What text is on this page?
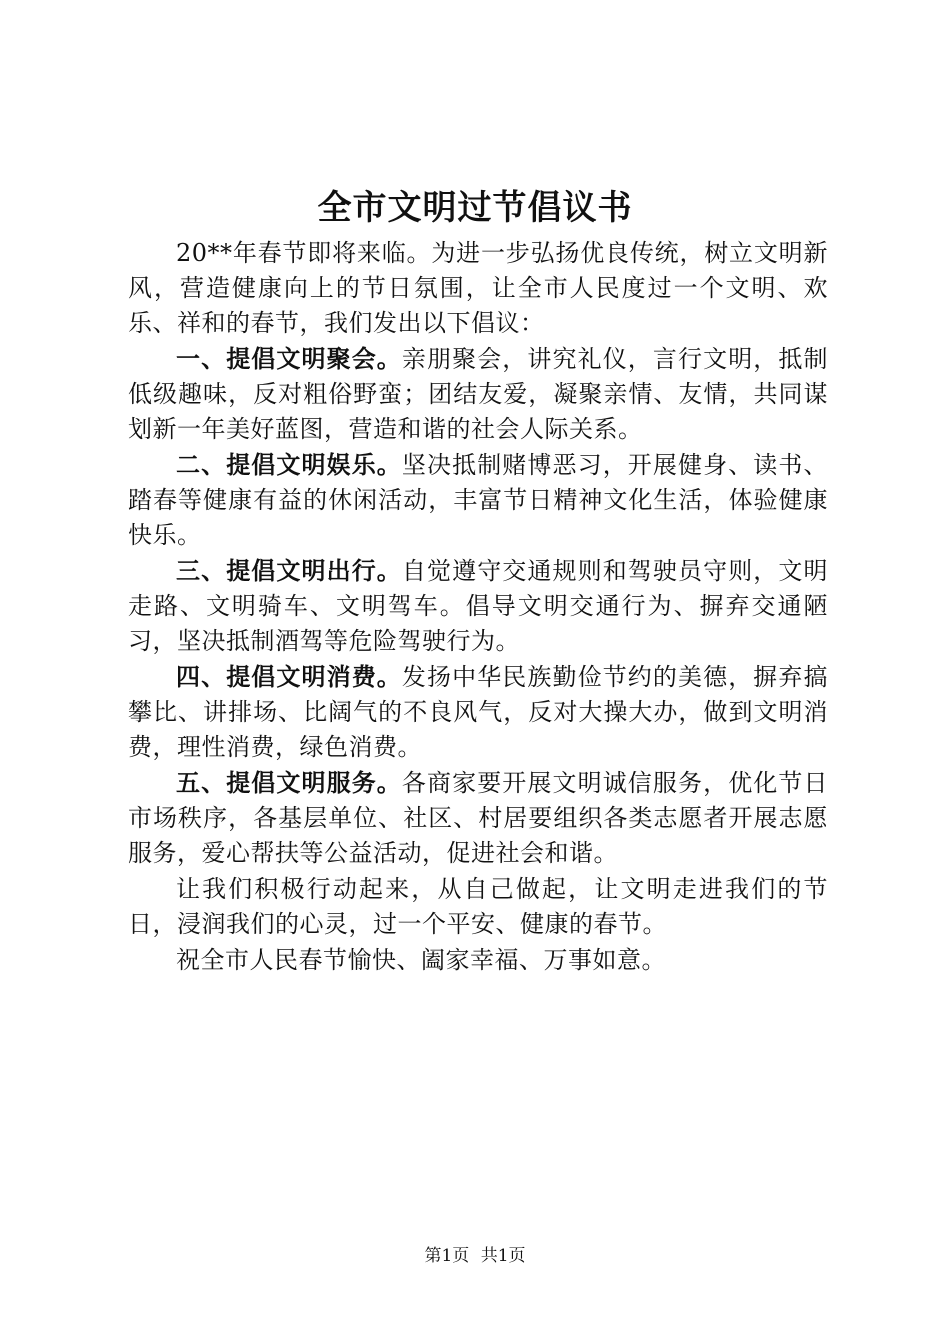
全市文明过节倡议书

20**年春节即将来临。为进一步弘扬优良传统，树立文明新风，营造健康向上的节日氛围，让全市人民度过一个文明、欢乐、祥和的春节，我们发出以下倡议：

一、提倡文明聚会。亲朋聚会，讲究礼仪，言行文明，抵制低级趣味，反对粗俗野蛮；团结友爱，凝聚亲情、友情，共同谋划新一年美好蓝图，营造和谐的社会人际关系。

二、提倡文明娱乐。坚决抵制赌博恶习，开展健身、读书、踏春等健康有益的休闲活动，丰富节日精神文化生活，体验健康快乐。

三、提倡文明出行。自觉遵守交通规则和驾驶员守则，文明走路、文明骑车、文明驾车。倡导文明交通行为、摒弃交通陋习，坚决抵制酒驾等危险驾驶行为。

四、提倡文明消费。发扬中华民族勤俭节约的美德，摒弃搞攀比、讲排场、比阔气的不良风气，反对大操大办，做到文明消费，理性消费，绿色消费。

五、提倡文明服务。各商家要开展文明诚信服务，优化节日市场秩序，各基层单位、社区、村居要组织各类志愿者开展志愿服务，爱心帮扶等公益活动，促进社会和谐。

让我们积极行动起来，从自己做起，让文明走进我们的节日，浸润我们的心灵，过一个平安、健康的春节。

祝全市人民春节愉快、阖家幸福、万事如意。

第1页 共1页
